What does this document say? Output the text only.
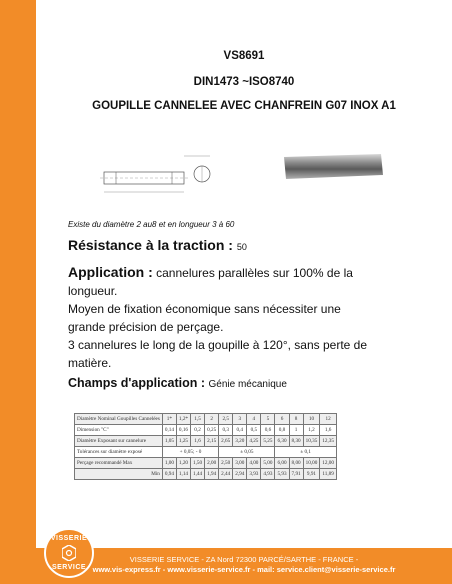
VS8691
DIN1473 ~ISO8740
GOUPILLE CANNELEE AVEC CHANFREIN G07 INOX A1
Existe du diamètre 2 au8 et en longueur 3 à 60
Résistance à la traction : 50
Application : cannelures parallèles sur 100% de la longueur.
Moyen de fixation économique sans nécessiter une grande précision de perçage.
3 cannelures le long de la goupille à 120°, sans perte de matière.
Champs d'application : Génie mécanique
Diamètre Nominal Goupilles Cannelées	1*	1,2*	1,5	2	2,5	3	4	5	6	8	10	12
Dimension "C"	0,14	0,16	0,2	0,25	0,3	0,4	0,5	0,6	0,8	1	1,2	1,6
Diamètre Exposant sur cannelure	1,05	1,25	1,6	2,15	2,65	3,20	4,25	5,25	6,30	8,30	10,35	12,35
Tolérances sur diamètre exposé	+ 0,05; - 0				± 0,05				± 0,1			
Perçage recommandé Max	1,00	1,20	1,50	2,00	2,50	3,00	4,00	5,00	6,00	8,00	10,00	12,00
Min	0,94	1,14	1,44	1,94	2,44	2,94	3,93	4,93	5,93	7,91	9,91	11,89
VISSERIE SERVICE - ZA Nord 72300 PARCÉ/SARTHE - FRANCE -
www.vis-express.fr - www.visserie-service.fr - mail: service.client@visserie-service.fr
VISSERIE
SERVICE
